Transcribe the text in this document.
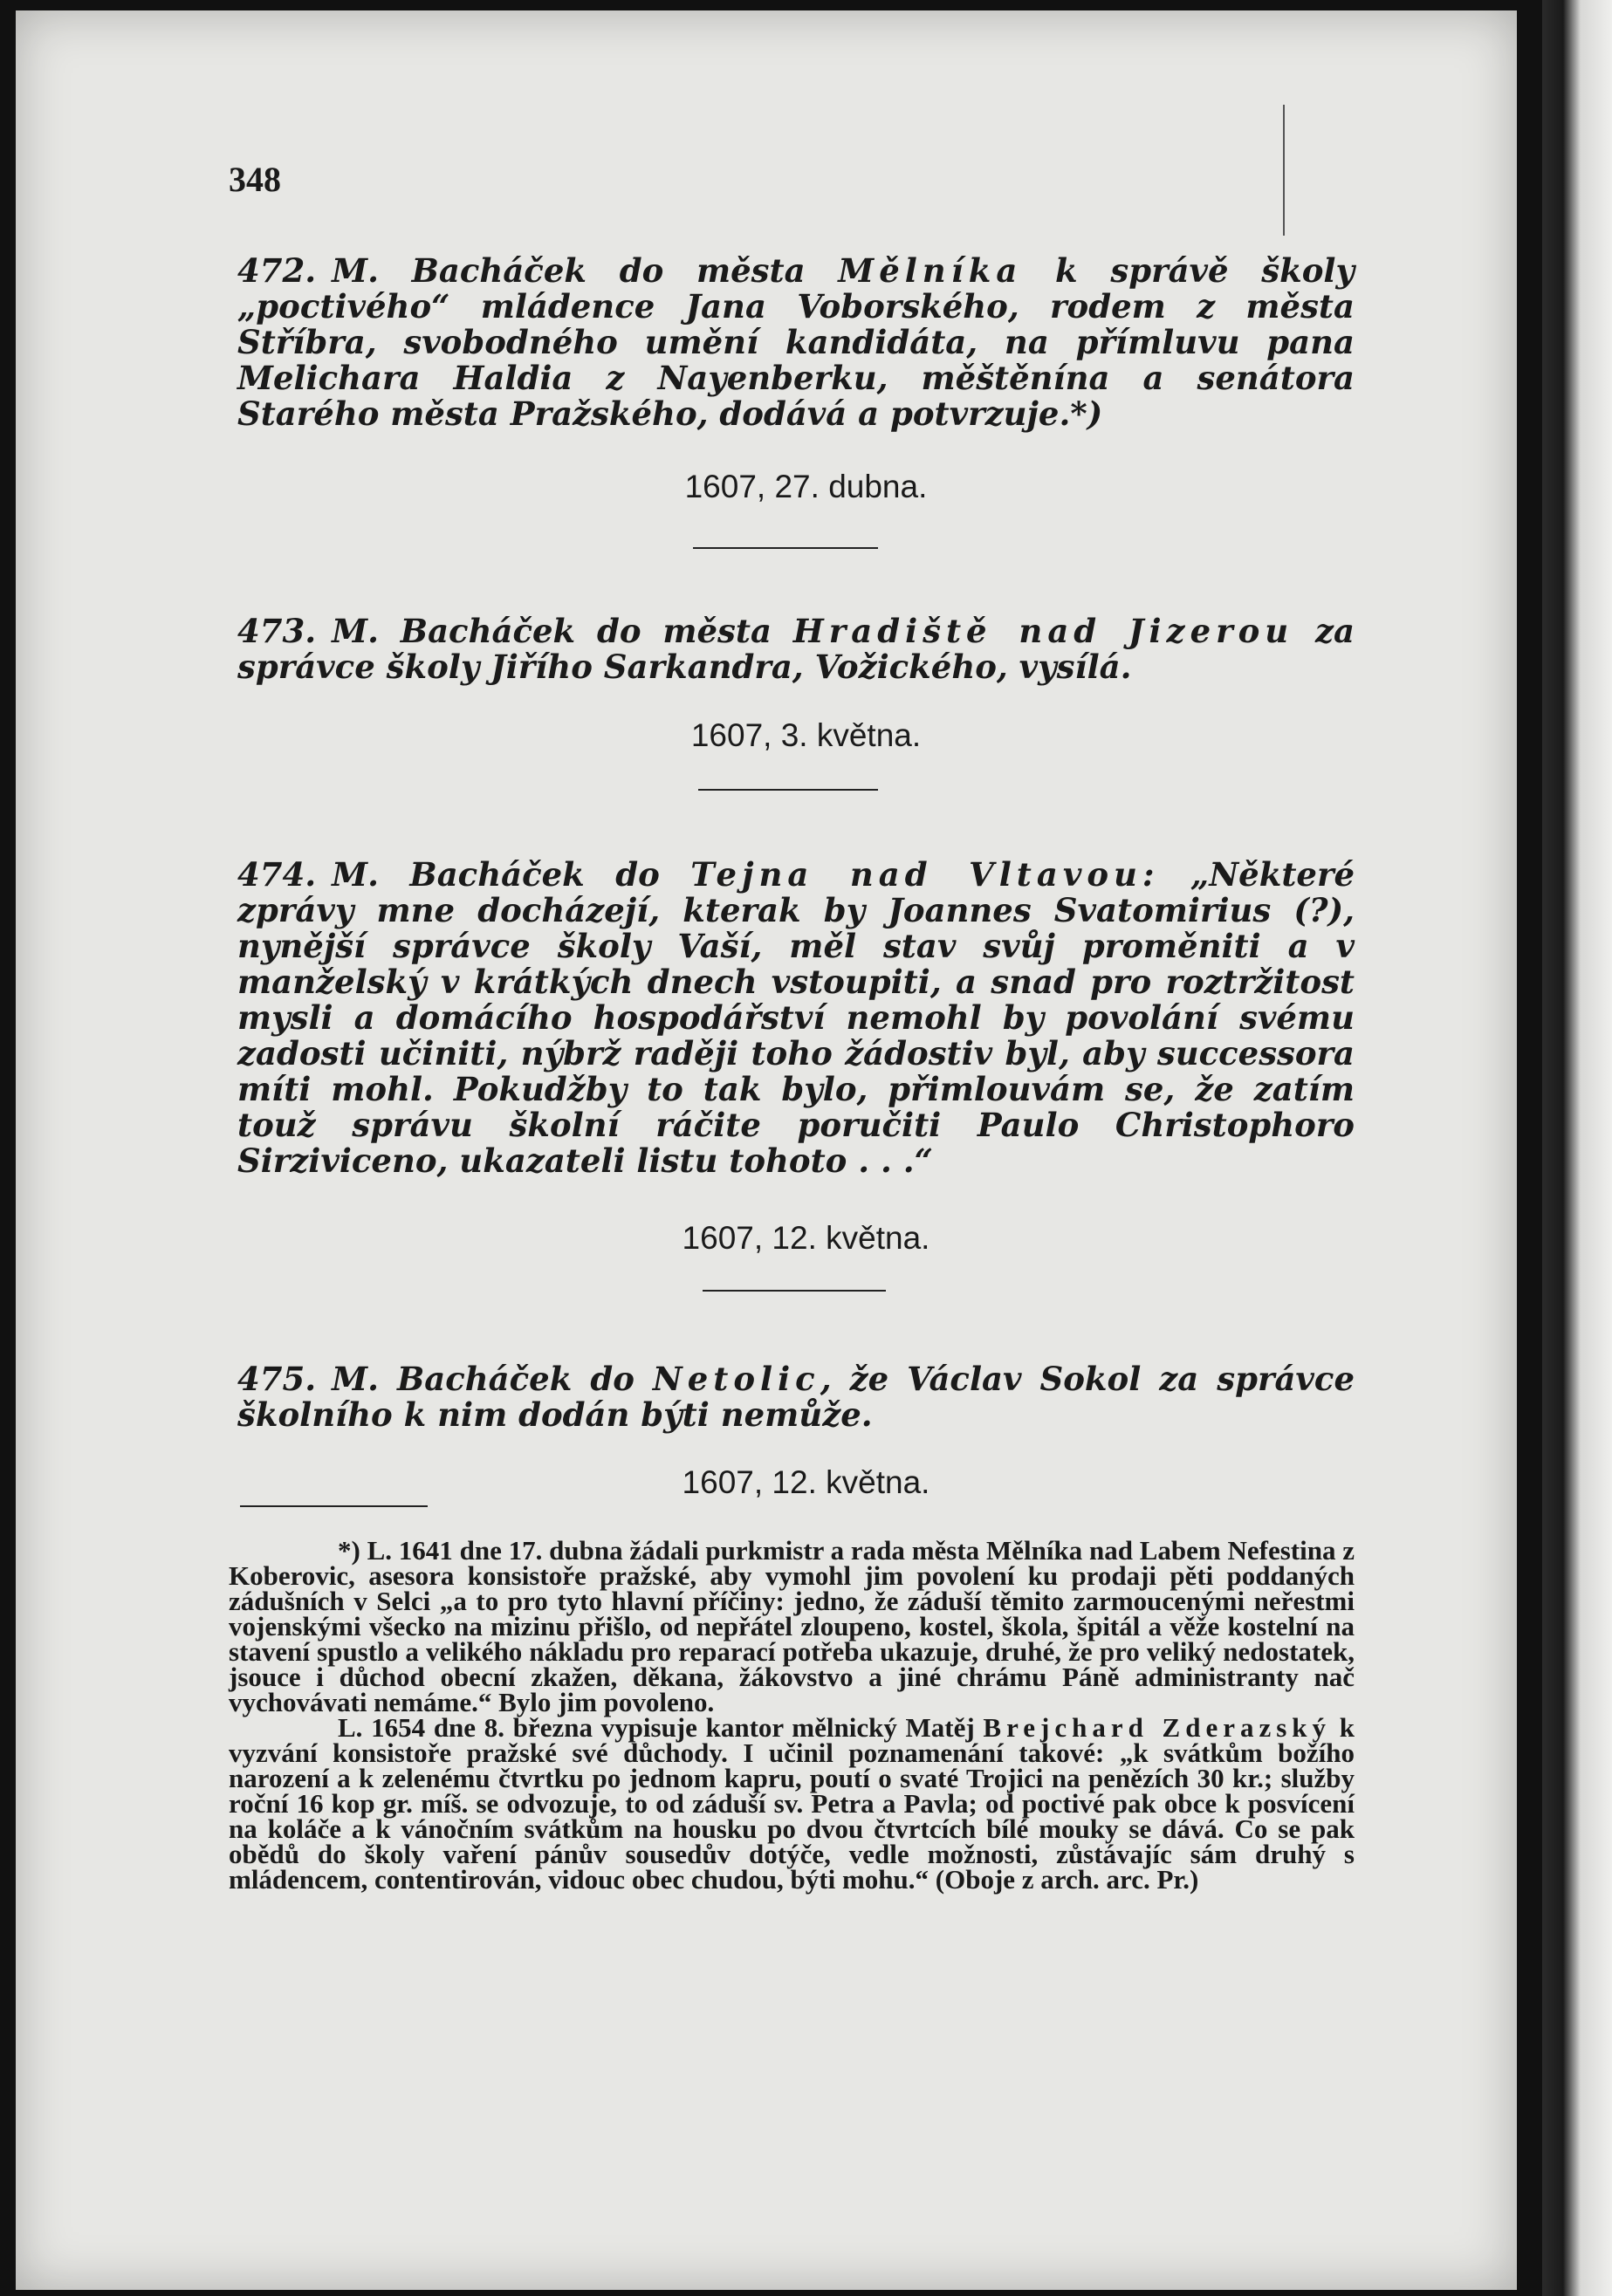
348
472. M. Bacháček do města Mělníka k správě školy „poctivého“ mládence Jana Voborského, rodem z města Stříbra, svobodného umění kandidáta, na přímluvu pana Melichara Haldia z Nayenberku, měštěnína a senátora Starého města Pražského, dodává a potvrzuje.*)
1607, 27. dubna.
473. M. Bacháček do města Hradiště nad Jizerou za správce školy Jiřího Sarkandra, Vožického, vysílá.
1607, 3. května.
474. M. Bacháček do Tejna nad Vltavou: „Některé zprávy mne docházejí, kterak by Joannes Svatomirius (?), nynější správce školy Vaší, měl stav svůj proměniti a v manželský v krátkých dnech vstoupiti, a snad pro roztržitost mysli a domácího hospodářství nemohl by povolání svému zadosti učiniti, nýbrž raději toho žádostiv byl, aby successora míti mohl. Pokudžby to tak bylo, přimlouvám se, že zatím touž správu školní ráčite poručiti Paulo Christophoro Sirziviceno, ukazateli listu tohoto . . .“
1607, 12. května.
475. M. Bacháček do Netolic, že Václav Sokol za správce školního k nim dodán býti nemůže.
1607, 12. května.

*) L. 1641 dne 17. dubna žádali purkmistr a rada města Mělníka nad Labem Nefestina z Koberovic, asesora konsistoře pražské, aby vymohl jim povolení ku prodaji pěti poddaných zádušních v Selci „a to pro tyto hlavní příčiny: jedno, že záduší těmito zarmoucenými neřestmi vojenskými všecko na mizinu přišlo, od nepřátel zloupeno, kostel, škola, špitál a věže kostelní na stavení spustlo a velikého nákladu pro reparací potřeba ukazuje, druhé, že pro veliký nedostatek, jsouce i důchod obecní zkažen, děkana, žákovstvo a jiné chrámu Páně administranty nač vychovávati nemáme.“ Bylo jim povoleno.

L. 1654 dne 8. března vypisuje kantor mělnický Matěj Brejchard Zderazský k vyzvání konsistoře pražské své důchody. I učinil poznamenání takové: „k svátkům božího narození a k zelenému čtvrtku po jednom kapru, poutí o svaté Trojici na penězích 30 kr.; služby roční 16 kop gr. míš. se odvozuje, to od záduší sv. Petra a Pavla; od poctivé pak obce k posvícení na koláče a k vánočním svátkům na housku po dvou čtvrtcích bílé mouky se dává. Co se pak obědů do školy vaření pánův sousedův dotýče, vedle možnosti, zůstávajíc sám druhý s mládencem, contentirován, vidouc obec chudou, býti mohu.“ (Oboje z arch. arc. Pr.)
